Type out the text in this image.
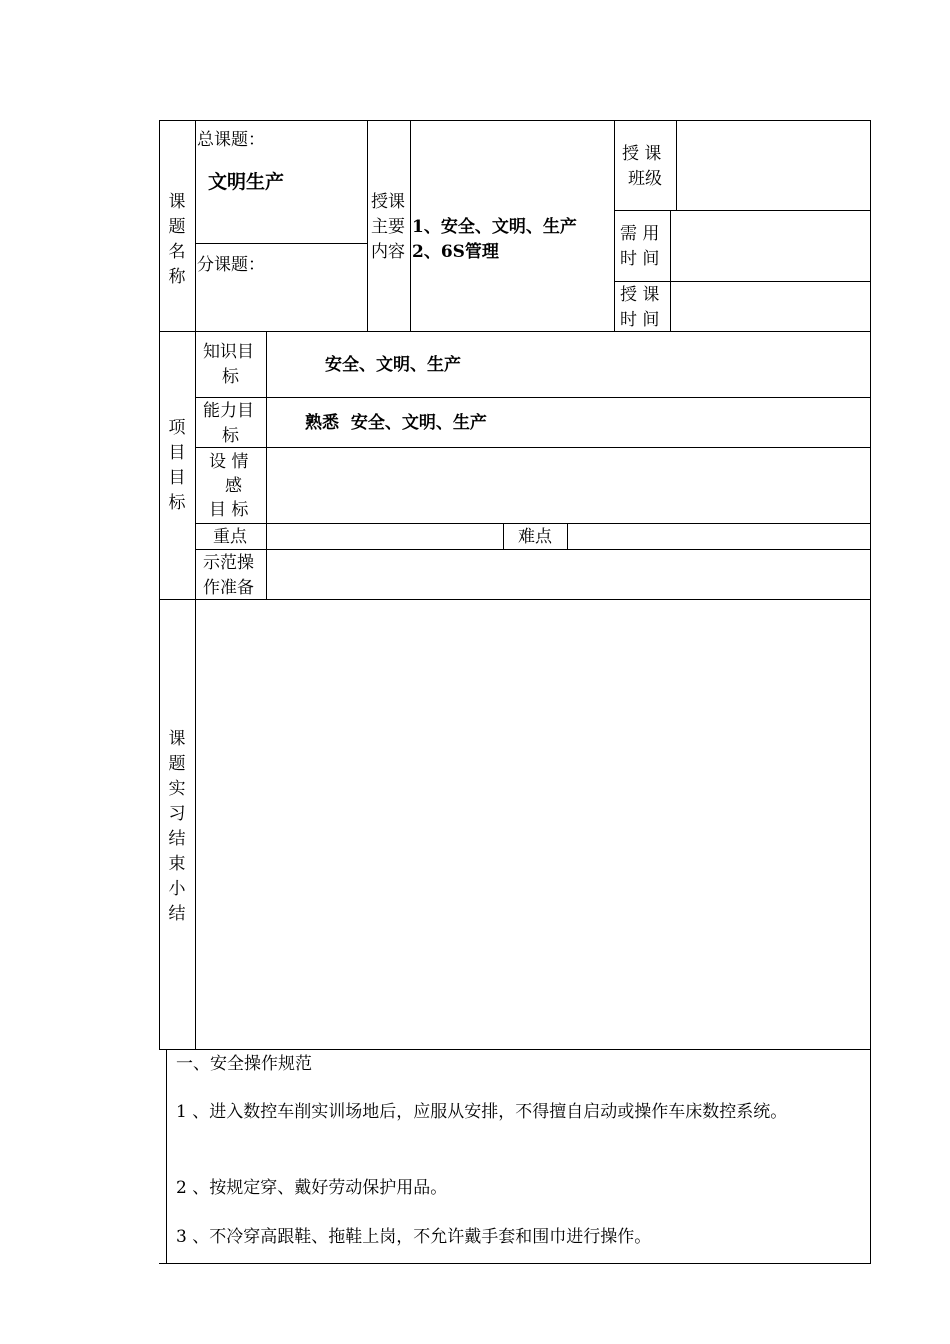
课题名称
总课题：
文明生产
分课题：
授课
主要
内容
1、安全、文明、生产
2、6S管理
授 课
班级
需 用
时 间
授 课
时 间
项目目标
知识目
标
安全、文明、生产
能力目
标
熟悉  安全、文明、生产
设 情
感
目 标
重点	难点
示范操
作准备
课题实习结束小结
一、安全操作规范
1 、进入数控车削实训场地后，应服从安排，不得擅自启动或操作车床数控系统。
2 、按规定穿、戴好劳动保护用品。
3 、不冷穿高跟鞋、拖鞋上岗，不允许戴手套和围巾进行操作。
